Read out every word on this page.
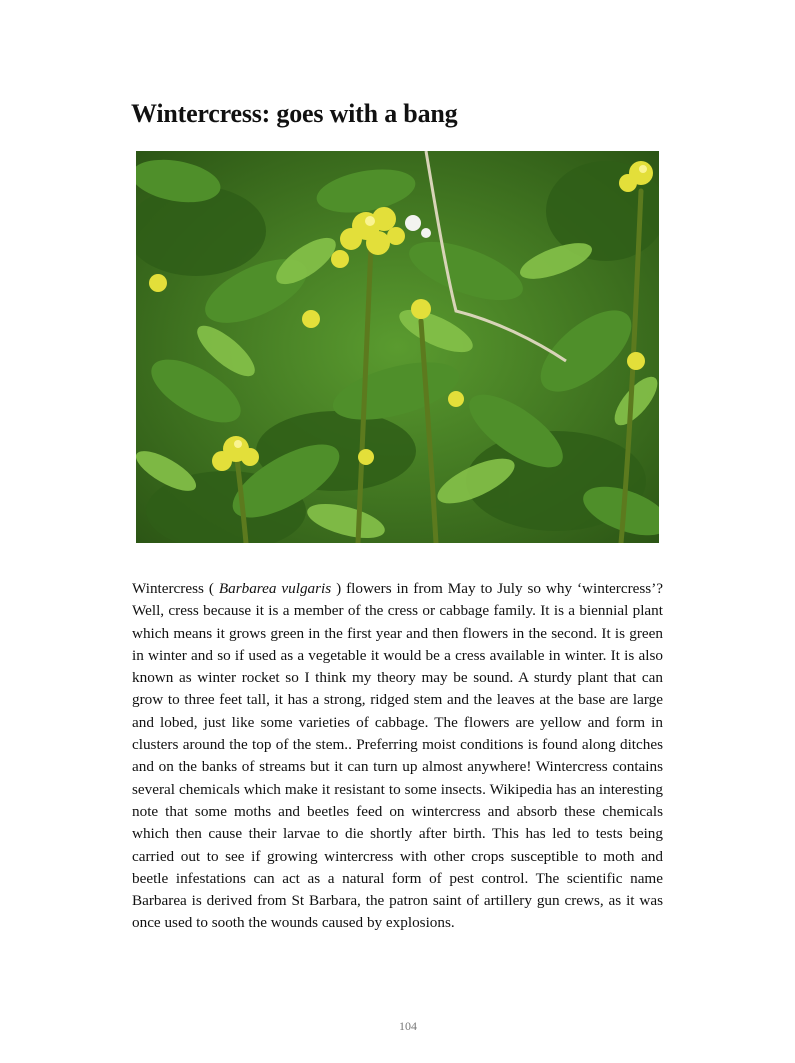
Wintercress: goes with a bang

Wintercress ( Barbarea vulgaris ) flowers in from May to July so why ‘wintercress’? Well, cress because it is a member of the cress or cabbage family. It is a biennial plant which means it grows green in the first year and then flowers in the second. It is green in winter and so if used as a vegetable it would be a cress available in winter. It is also known as winter rocket so I think my theory may be sound. A sturdy plant that can grow to three feet tall, it has a strong, ridged stem and the leaves at the base are large and lobed, just like some varieties of cabbage. The flowers are yellow and form in clusters around the top of the stem.. Preferring moist conditions is found along ditches and on the banks of streams but it can turn up almost anywhere! Wintercress contains several chemicals which make it resistant to some insects. Wikipedia has an interesting note that some moths and beetles feed on wintercress and absorb these chemicals which then cause their larvae to die shortly after birth. This has led to tests being carried out to see if growing wintercress with other crops susceptible to moth and beetle infestations can act as a natural form of pest control. The scientific name Barbarea is derived from St Barbara, the patron saint of artillery gun crews, as it was once used to sooth the wounds caused by explosions.

104
